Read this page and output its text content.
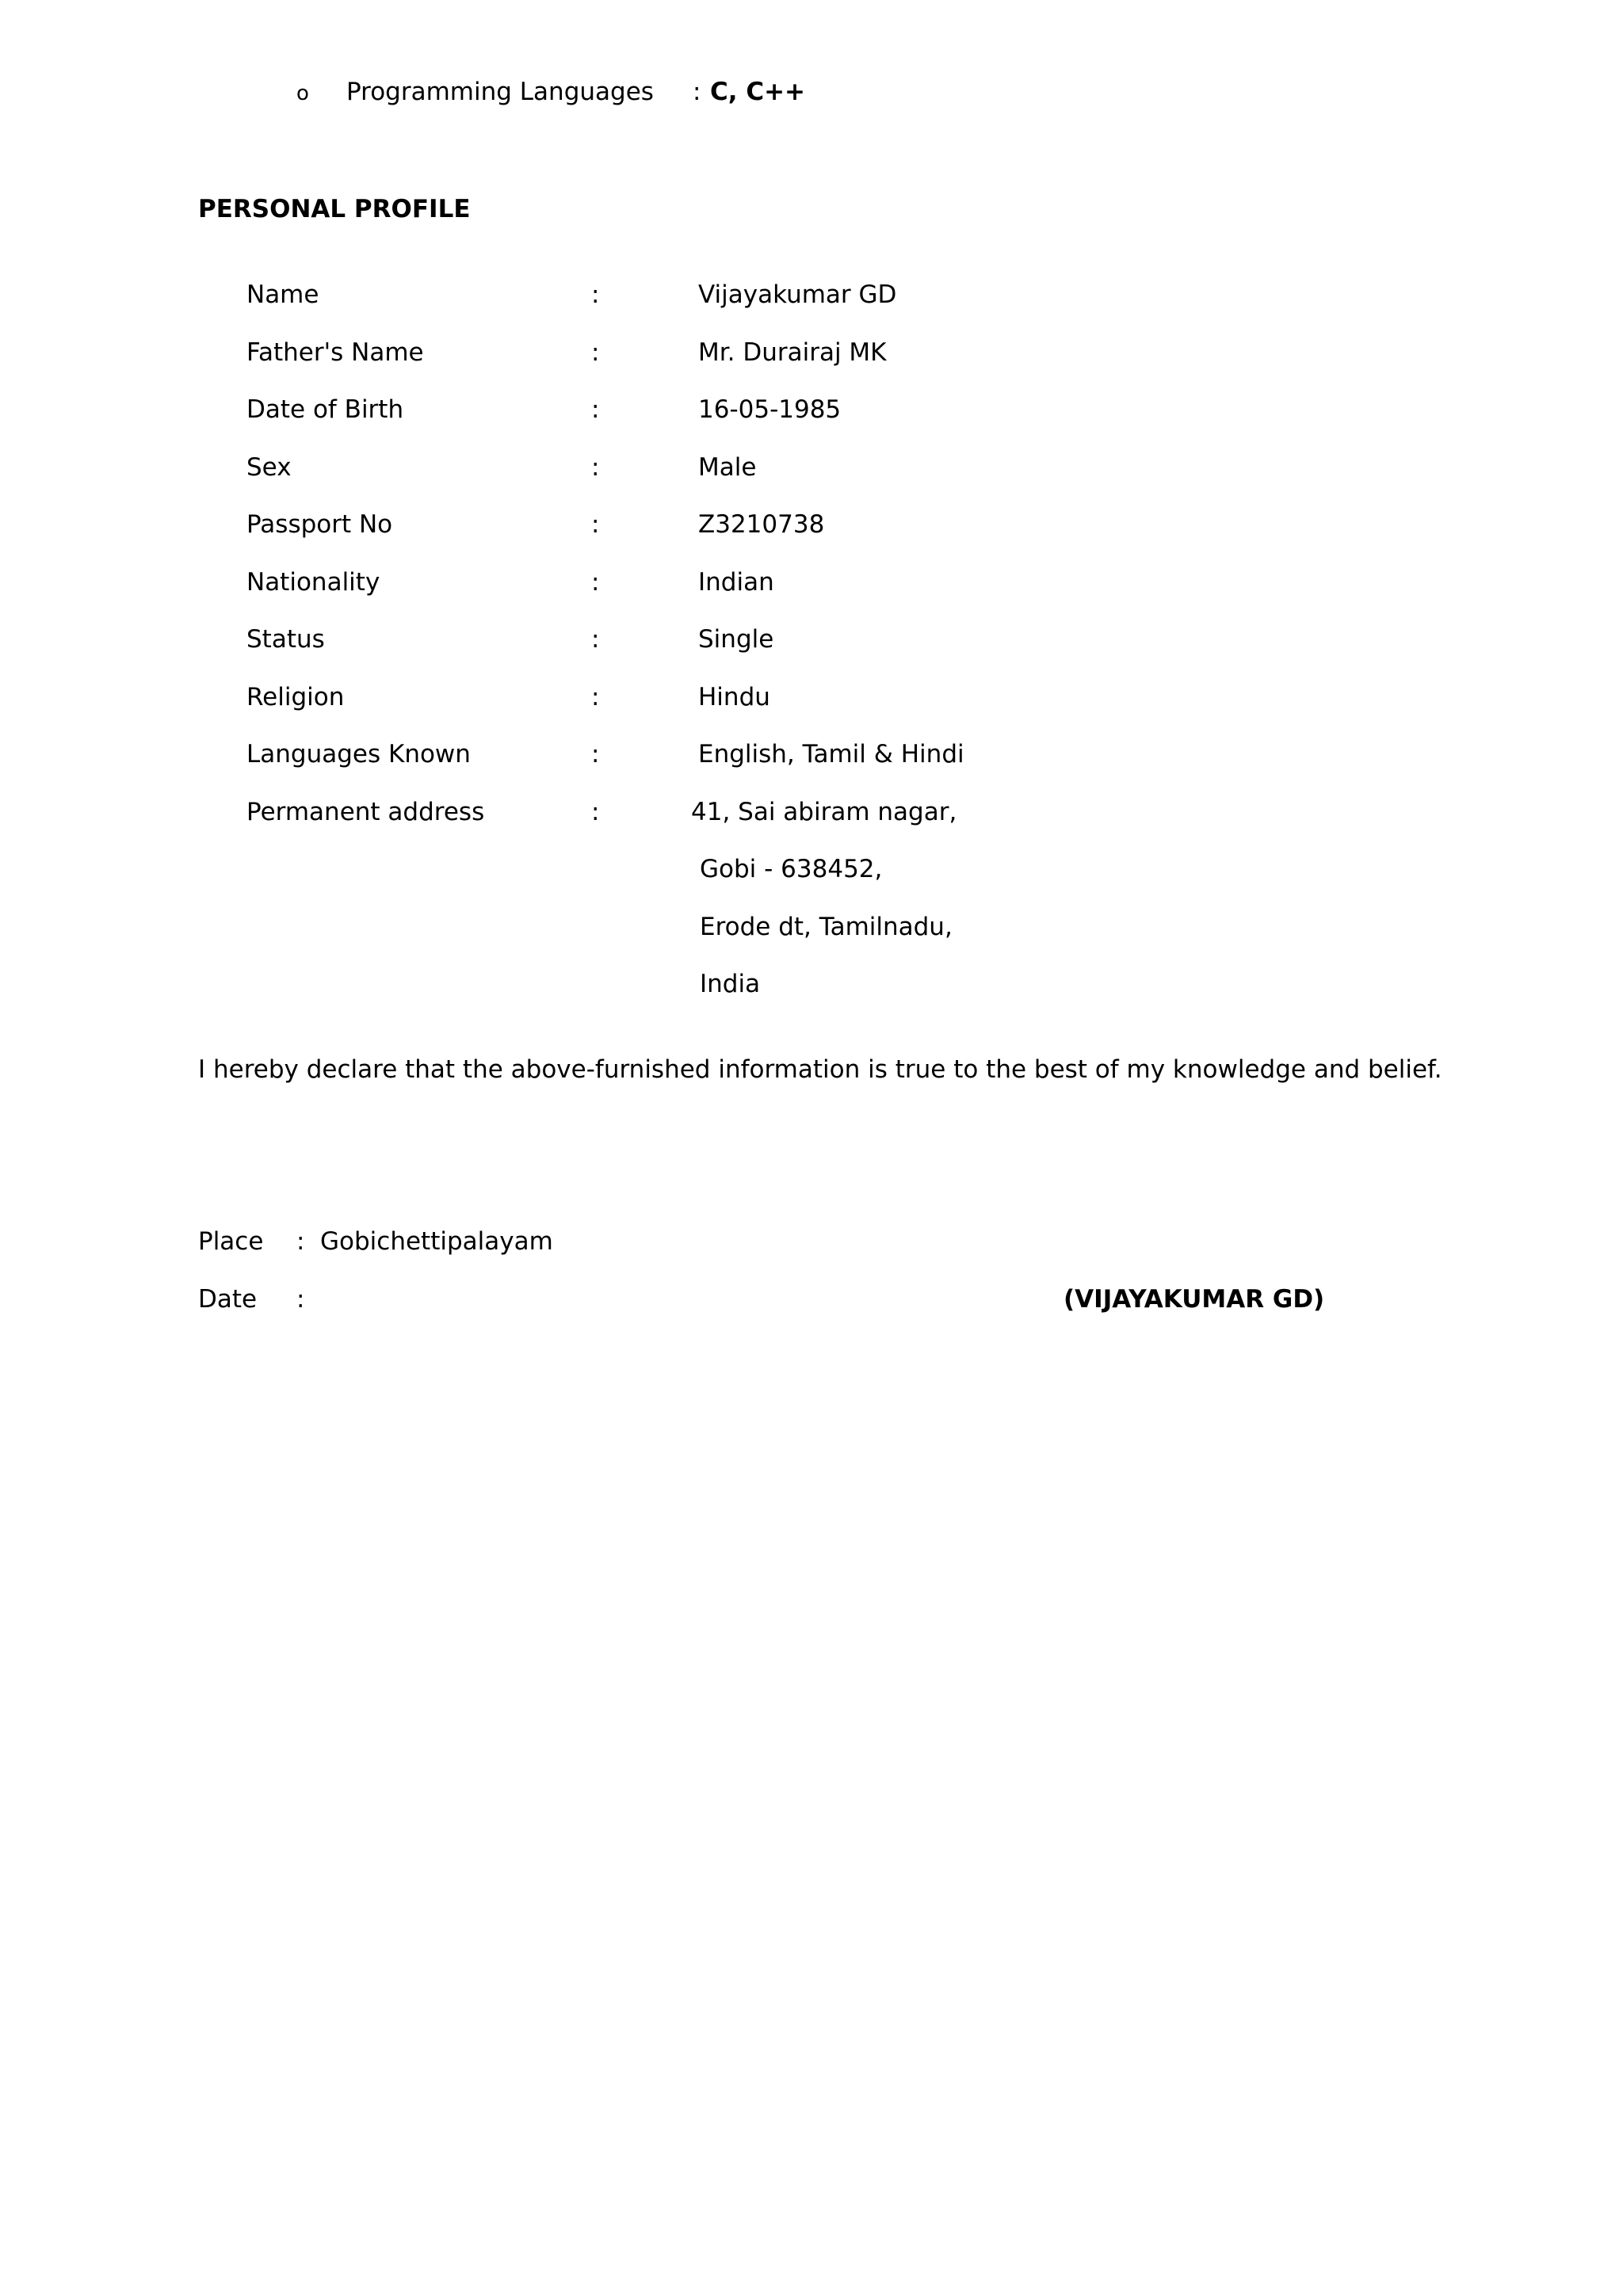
o Programming Languages : C, C++
PERSONAL PROFILE
Name	:	Vijayakumar GD
Father's Name	:	Mr. Durairaj MK
Date of Birth	:	16-05-1985
Sex	:	Male
Passport No	:	Z3210738
Nationality	:	Indian
Status	:	Single
Religion	:	Hindu
Languages Known	:	English, Tamil & Hindi
Permanent address	:	41, Sai abiram nagar,
Gobi - 638452,
Erode dt, Tamilnadu,
India
I hereby declare that the above-furnished information is true to the best of my knowledge and belief.
Place : Gobichettipalayam
Date :	(VIJAYAKUMAR GD)
